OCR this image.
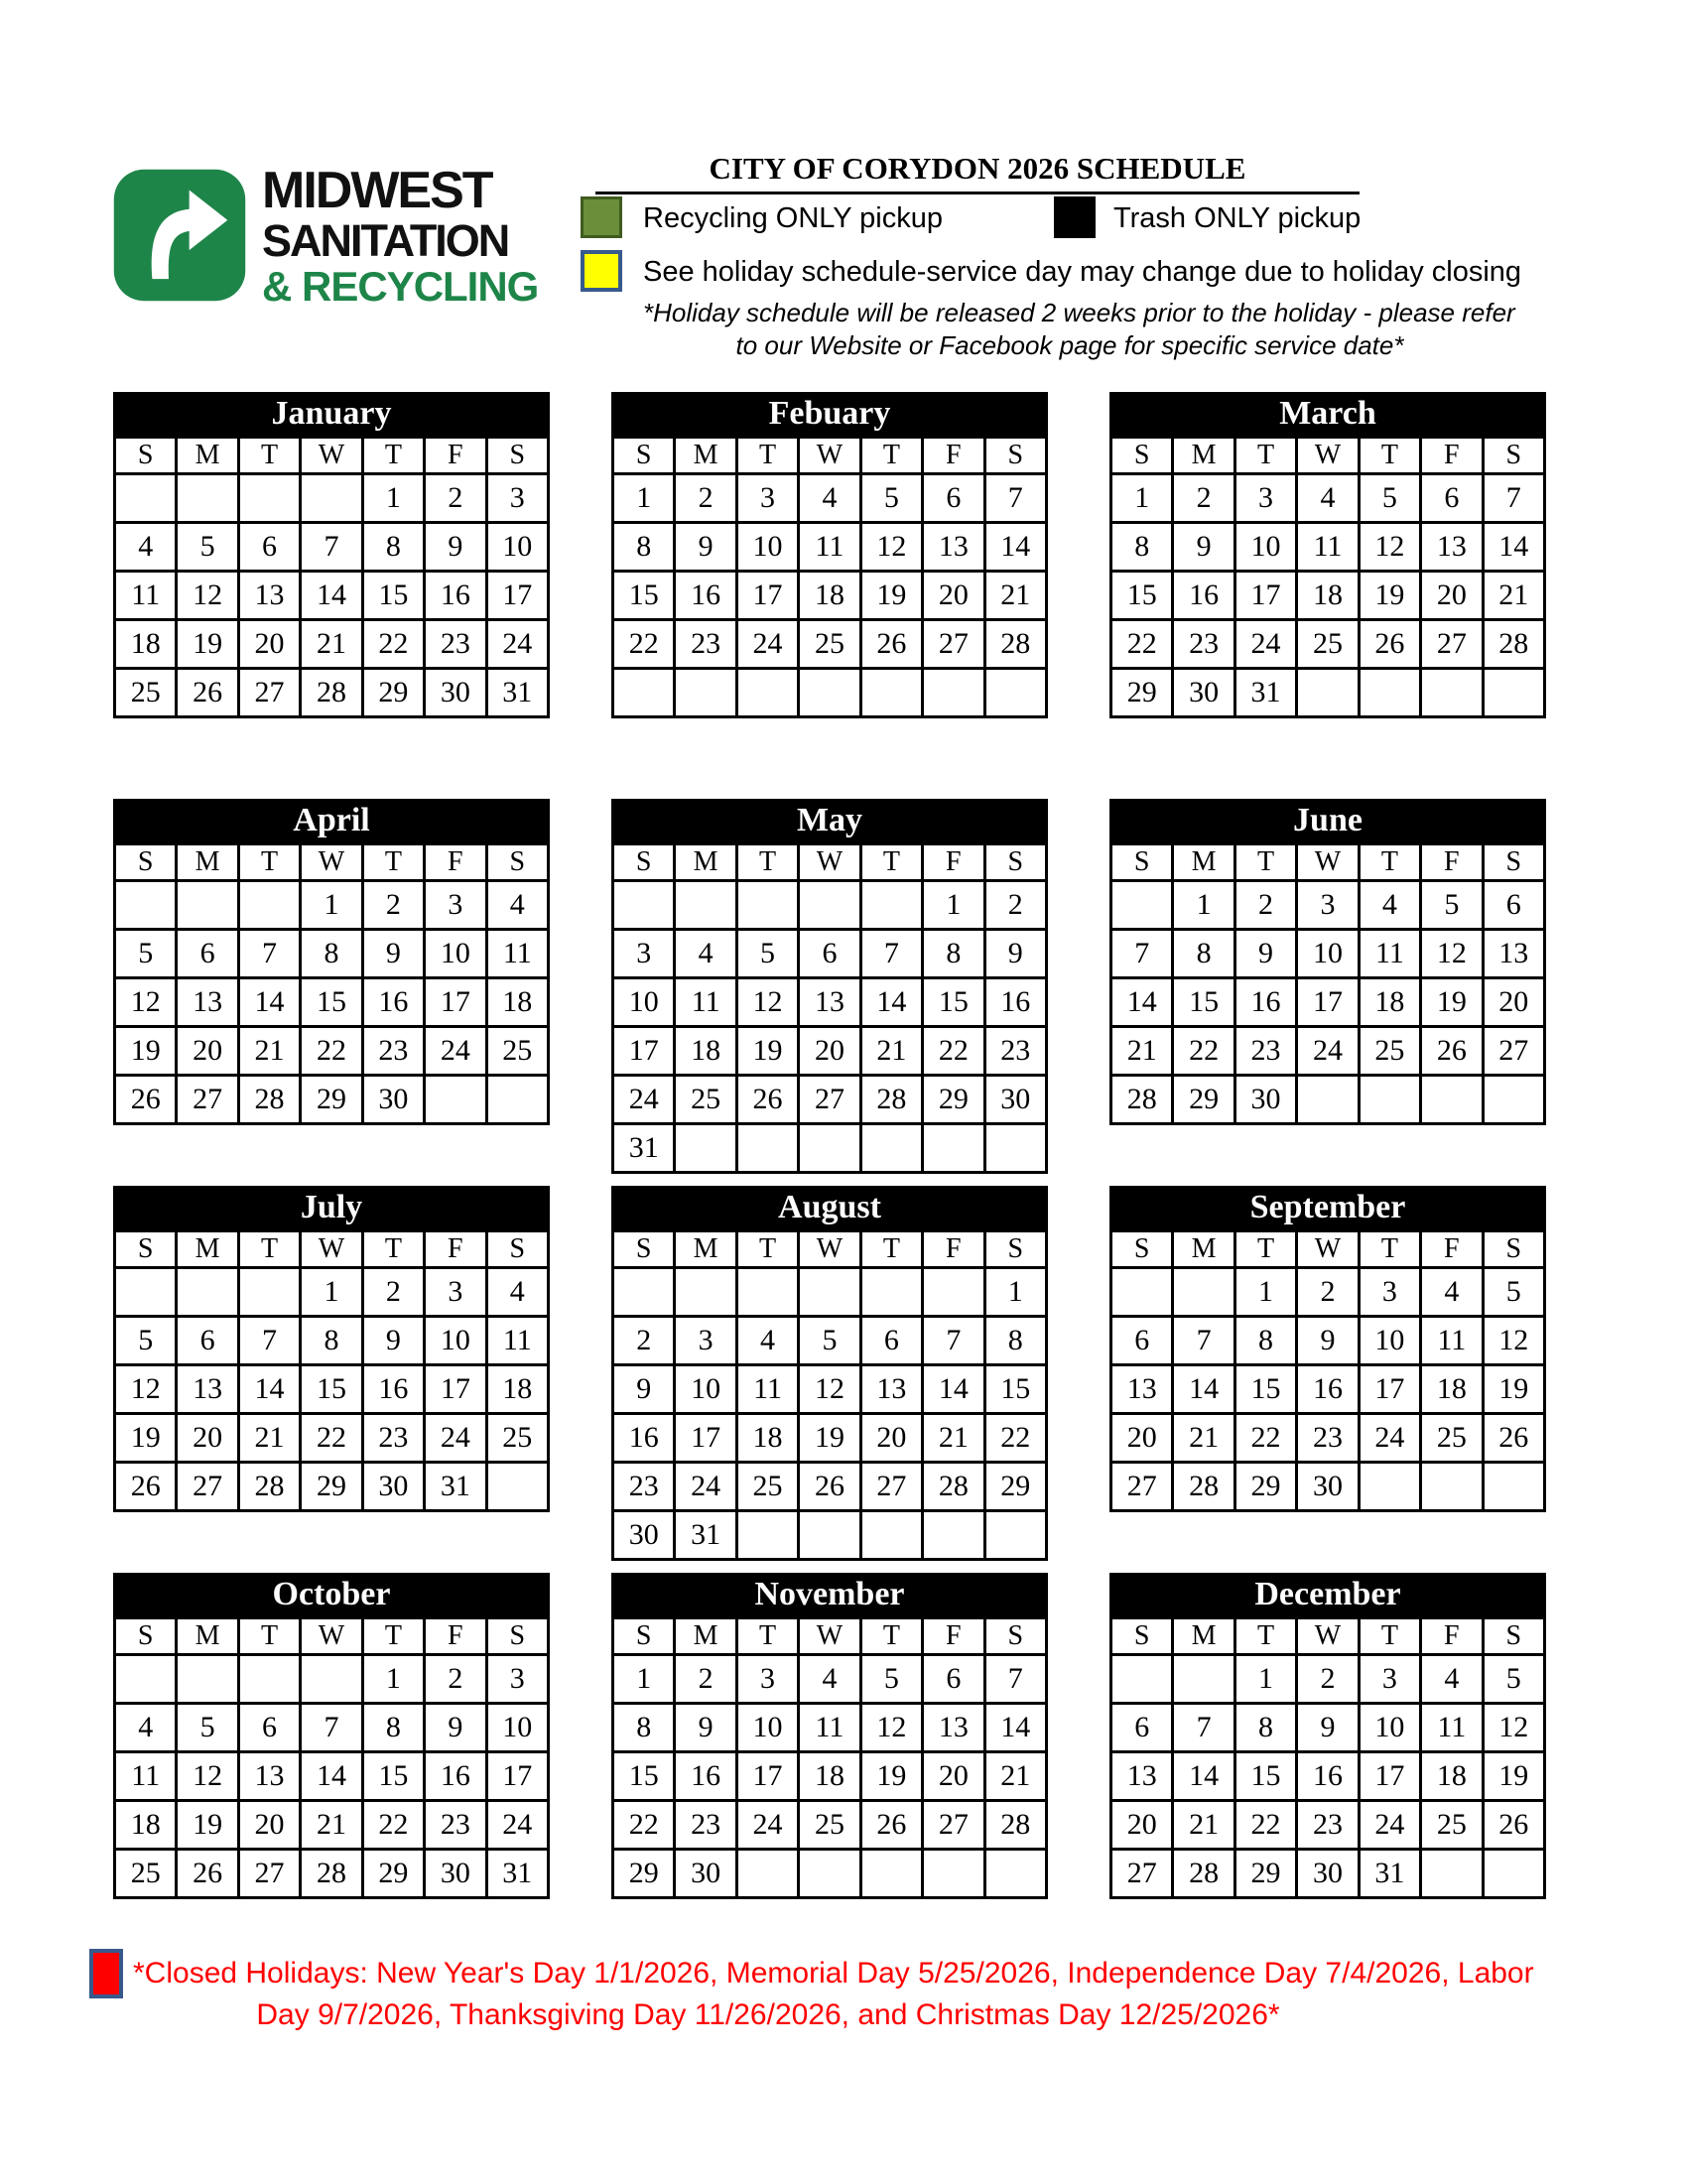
MIDWEST
SANITATION
& RECYCLING
CITY OF CORYDON 2026 SCHEDULE
Recycling ONLY pickup	Trash ONLY pickup
See holiday schedule-service day may change due to holiday closing
*Holiday schedule will be released 2 weeks prior to the holiday - please refer
to our Website or Facebook page for specific service date*
January
S	M	T	W	T	F	S
				1	2	3
4	5	6	7	8	9	10
11	12	13	14	15	16	17
18	19	20	21	22	23	24
25	26	27	28	29	30	31
Febuary
S	M	T	W	T	F	S
1	2	3	4	5	6	7
8	9	10	11	12	13	14
15	16	17	18	19	20	21
22	23	24	25	26	27	28

March
S	M	T	W	T	F	S
1	2	3	4	5	6	7
8	9	10	11	12	13	14
15	16	17	18	19	20	21
22	23	24	25	26	27	28
29	30	31				
April
S	M	T	W	T	F	S
			1	2	3	4
5	6	7	8	9	10	11
12	13	14	15	16	17	18
19	20	21	22	23	24	25
26	27	28	29	30		
May
S	M	T	W	T	F	S
					1	2
3	4	5	6	7	8	9
10	11	12	13	14	15	16
17	18	19	20	21	22	23
24	25	26	27	28	29	30
31						
June
S	M	T	W	T	F	S
	1	2	3	4	5	6
7	8	9	10	11	12	13
14	15	16	17	18	19	20
21	22	23	24	25	26	27
28	29	30				
July
S	M	T	W	T	F	S
			1	2	3	4
5	6	7	8	9	10	11
12	13	14	15	16	17	18
19	20	21	22	23	24	25
26	27	28	29	30	31	
August
S	M	T	W	T	F	S
						1
2	3	4	5	6	7	8
9	10	11	12	13	14	15
16	17	18	19	20	21	22
23	24	25	26	27	28	29
30	31					
September
S	M	T	W	T	F	S
		1	2	3	4	5
6	7	8	9	10	11	12
13	14	15	16	17	18	19
20	21	22	23	24	25	26
27	28	29	30			
October
S	M	T	W	T	F	S
				1	2	3
4	5	6	7	8	9	10
11	12	13	14	15	16	17
18	19	20	21	22	23	24
25	26	27	28	29	30	31
November
S	M	T	W	T	F	S
1	2	3	4	5	6	7
8	9	10	11	12	13	14
15	16	17	18	19	20	21
22	23	24	25	26	27	28
29	30					
December
S	M	T	W	T	F	S
		1	2	3	4	5
6	7	8	9	10	11	12
13	14	15	16	17	18	19
20	21	22	23	24	25	26
27	28	29	30	31		
*Closed Holidays: New Year's Day 1/1/2026, Memorial Day 5/25/2026, Independence Day 7/4/2026, Labor
Day 9/7/2026, Thanksgiving Day 11/26/2026, and Christmas Day 12/25/2026*
